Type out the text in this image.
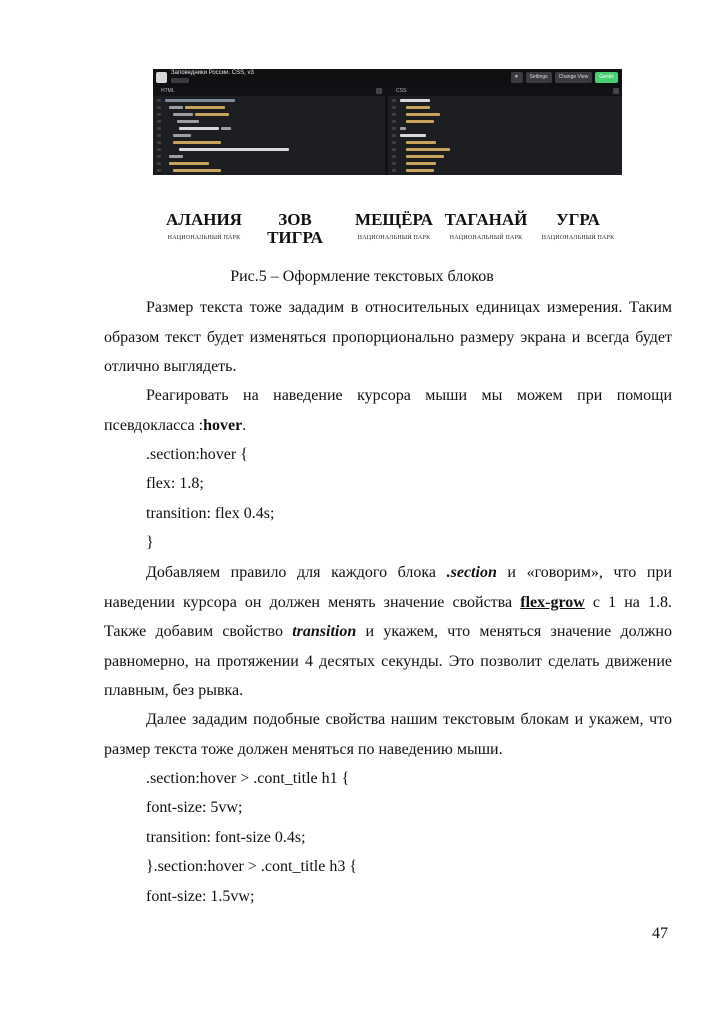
Заповедники России. CSS, v3
♥	Settings	Change View	Gentle
HTML	CSS
АЛАНИЯ
НАЦИОНАЛЬНЫЙ ПАРК
ЗОВ
ТИГРА
МЕЩЁРА
НАЦИОНАЛЬНЫЙ ПАРК
ТАГАНАЙ
НАЦИОНАЛЬНЫЙ ПАРК
УГРА
НАЦИОНАЛЬНЫЙ ПАРК
Рис.5 – Оформление текстовых блоков
Размер текста тоже зададим в относительных единицах измерения. Таким образом текст будет изменяться пропорционально размеру экрана и всегда будет отлично выглядеть.
Реагировать на наведение курсора мыши мы можем при помощи псевдокласса :hover.
.section:hover {
flex: 1.8;
transition: flex 0.4s;
}
Добавляем правило для каждого блока .section и «говорим», что при наведении курсора он должен менять значение свойства flex-grow с 1 на 1.8. Также добавим свойство transition и укажем, что меняться значение должно равномерно, на протяжении 4 десятых секунды. Это позволит сделать движение плавным, без рывка.
Далее зададим подобные свойства нашим текстовым блокам и укажем, что размер текста тоже должен меняться по наведению мыши.
.section:hover > .cont_title h1 {
font-size: 5vw;
transition: font-size 0.4s;
}.section:hover > .cont_title h3 {
font-size: 1.5vw;
47
